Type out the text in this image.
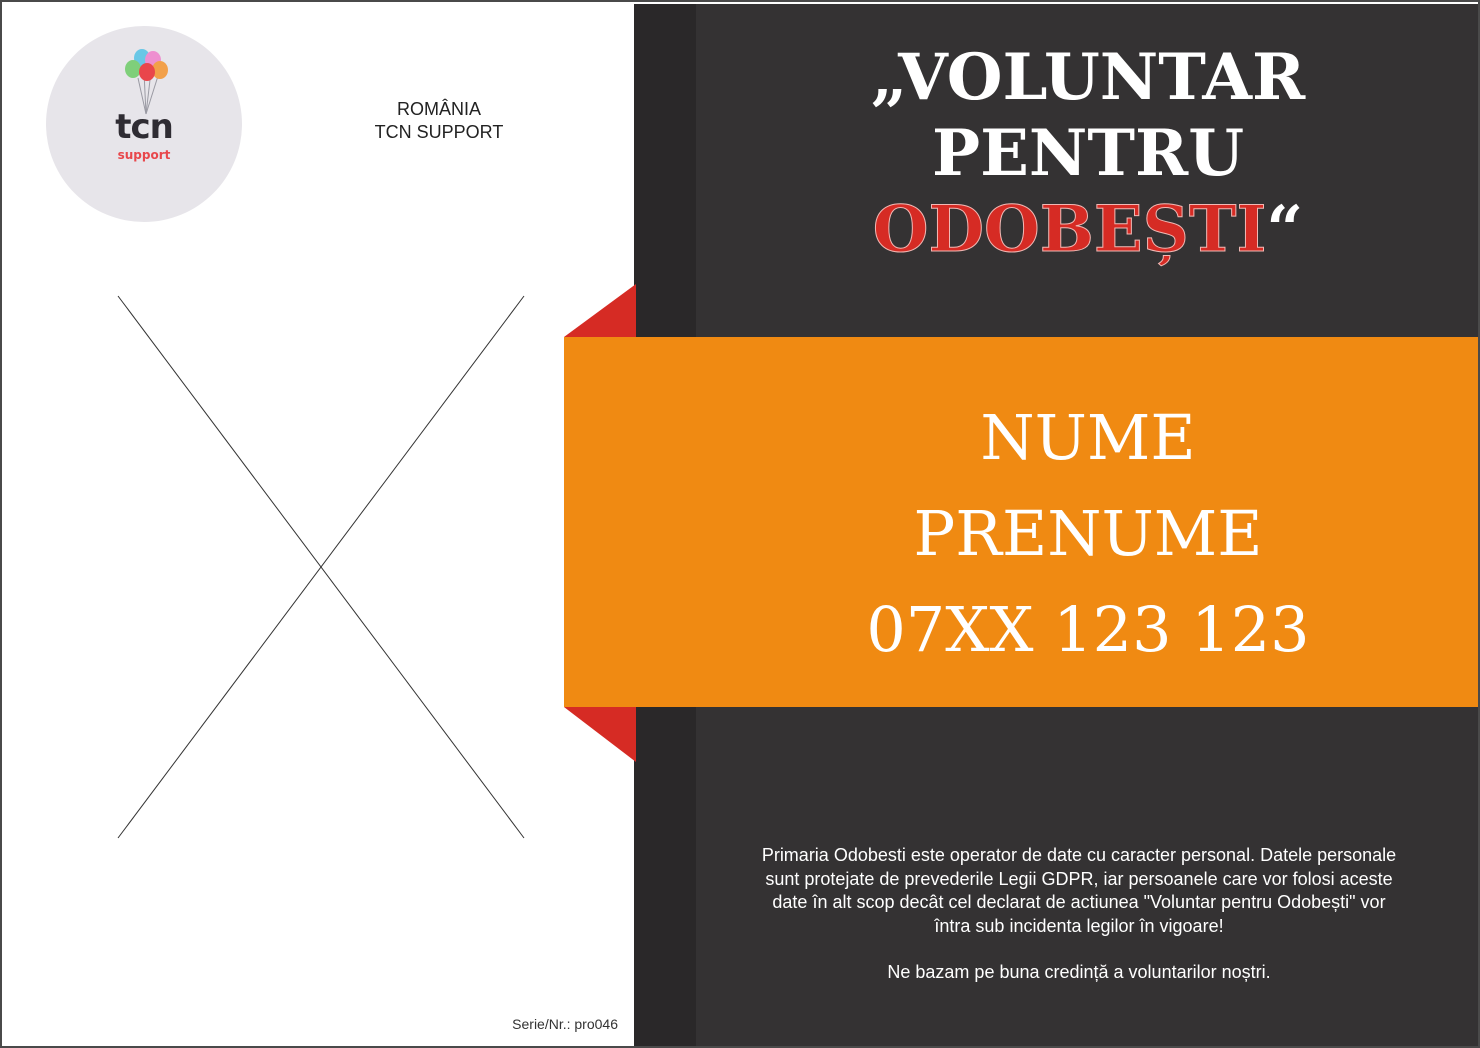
tcn
support
ROMÂNIA
TCN SUPPORT
Serie/Nr.: pro046
„VOLUNTAR
PENTRU
ODOBEȘTI“
NUME
PRENUME
07XX 123 123

Primaria Odobesti este operator de date cu caracter personal. Datele personale sunt protejate de prevederile Legii GDPR, iar persoanele care vor folosi aceste date în alt scop decât cel declarat de actiunea "Voluntar pentru Odobești" vor întra sub incidenta legilor în vigoare!

Ne bazam pe buna credință a voluntarilor noștri.
